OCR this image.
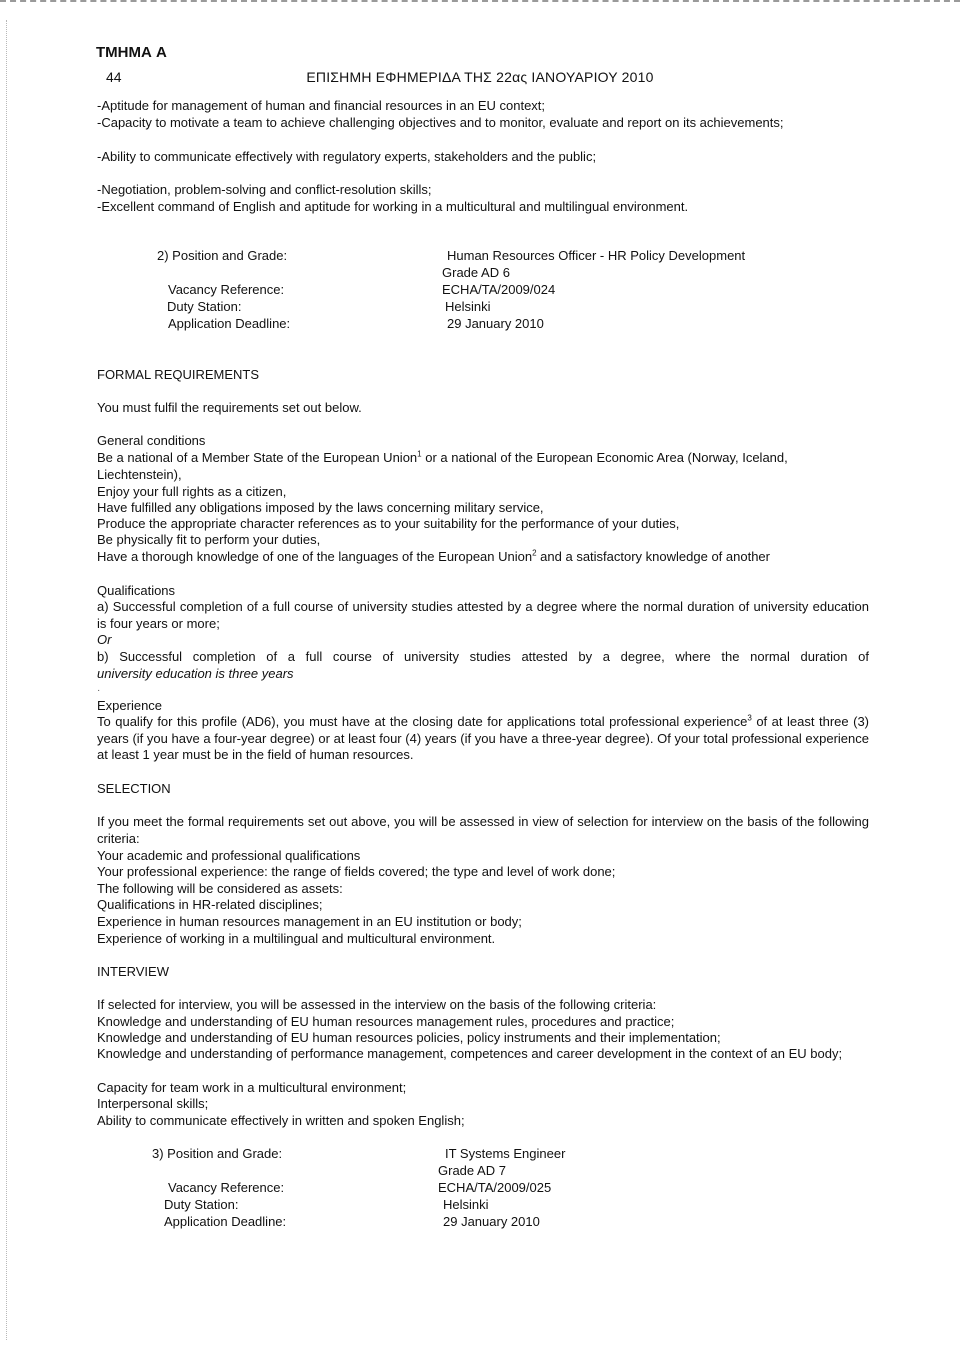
ΤΜΗΜΑ A
44	ΕΠΙΣΗΜΗ ΕΦΗΜΕΡΙΔΑ ΤΗΣ 22ας ΙΑΝΟΥΑΡΙΟΥ 2010
-Aptitude for management of human and financial resources in an EU context;
-Capacity to motivate a team to achieve challenging objectives and to monitor, evaluate and report on its achievements;
-Ability to communicate effectively with regulatory experts, stakeholders and the public;
-Negotiation, problem-solving and conflict-resolution skills;
-Excellent command of English and aptitude for working in a multicultural and multilingual environment.
2) Position and Grade:
Vacancy Reference:
Duty Station:
Application Deadline:
Human Resources Officer - HR Policy Development
Grade AD 6
ECHA/TA/2009/024
Helsinki
29 January 2010
FORMAL REQUIREMENTS
You must fulfil the requirements set out below.
General conditions
Be a national of a Member State of the European Union$^1$ or a national of the European Economic Area (Norway, Iceland, Liechtenstein),
Enjoy your full rights as a citizen,
Have fulfilled any obligations imposed by the laws concerning military service,
Produce the appropriate character references as to your suitability for the performance of your duties,
Be physically fit to perform your duties,
Have a thorough knowledge of one of the languages of the European Union$^2$ and a satisfactory knowledge of another
Qualifications
a) Successful completion of a full course of university studies attested by a degree where the normal duration of university education is four years or more;
Or
b) Successful completion of a full course of university studies attested by a degree, where the normal duration of
university education is three years
·
Experience
To qualify for this profile (AD6), you must have at the closing date for applications total professional experience$^3$ of at least three (3) years (if you have a four-year degree) or at least four (4) years (if you have a three-year degree). Of your total professional experience at least 1 year must be in the field of human resources.
SELECTION
If you meet the formal requirements set out above, you will be assessed in view of selection for interview on the basis of the following criteria:
Your academic and professional qualifications
Your professional experience: the range of fields covered; the type and level of work done;
The following will be considered as assets:
Qualifications in HR-related disciplines;
Experience in human resources management in an EU institution or body;
Experience of working in a multilingual and multicultural environment.
INTERVIEW
If selected for interview, you will be assessed in the interview on the basis of the following criteria:
Knowledge and understanding of EU human resources management rules, procedures and practice;
Knowledge and understanding of EU human resources policies, policy instruments and their implementation;
Knowledge and understanding of performance management, competences and career development in the context of an EU body;
Capacity for team work in a multicultural environment;
Interpersonal skills;
Ability to communicate effectively in written and spoken English;
3) Position and Grade:
Vacancy Reference:
Duty Station:
Application Deadline:
IT Systems Engineer
Grade AD 7
ECHA/TA/2009/025
Helsinki
29 January 2010
